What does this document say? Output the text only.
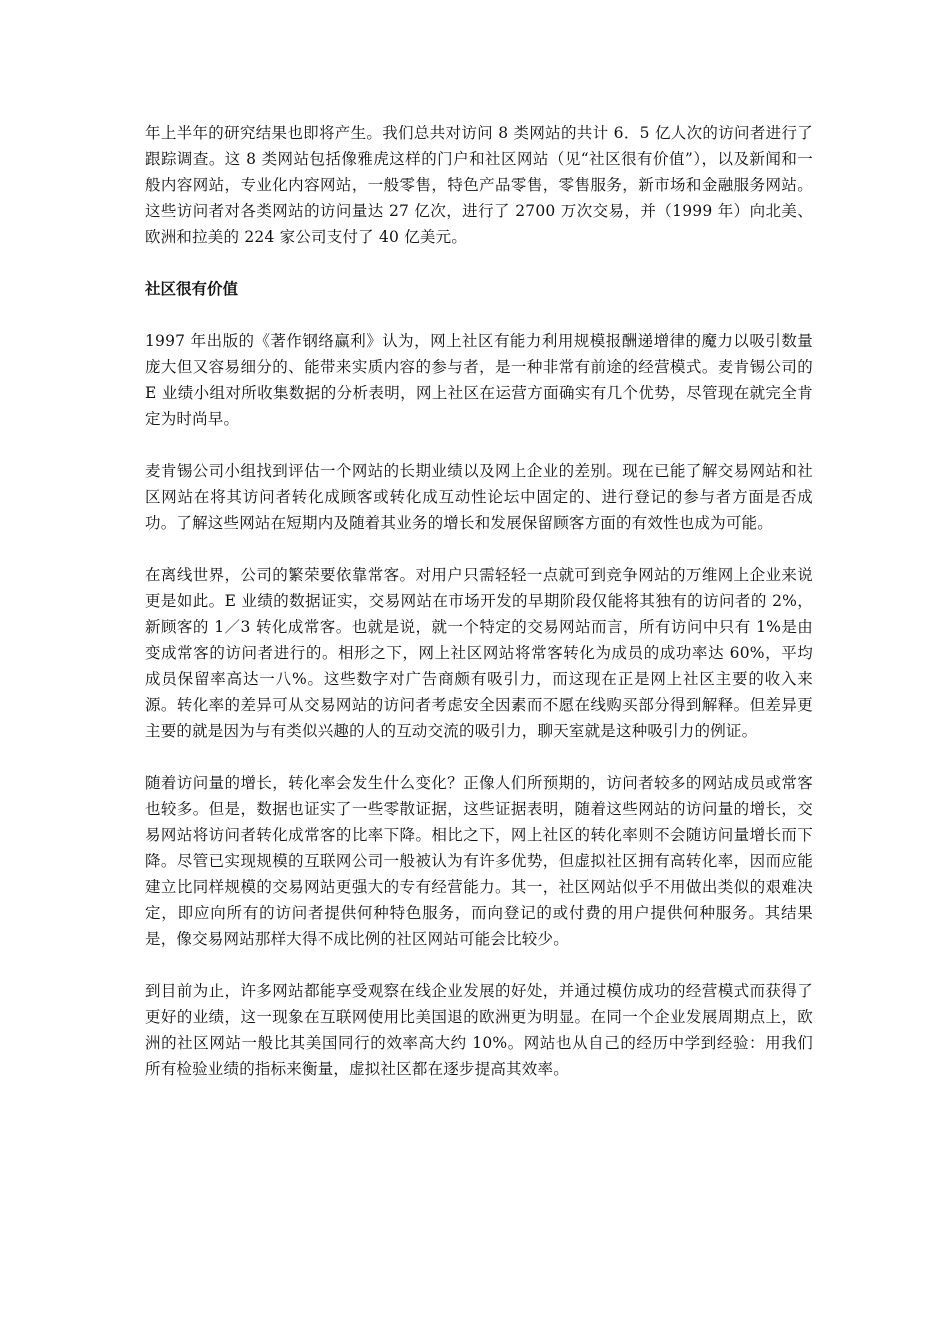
年上半年的研究结果也即将产生。我们总共对访问 8 类网站的共计 6．5 亿人次的访问者进行了跟踪调查。这 8 类网站包括像雅虎这样的门户和社区网站（见“社区很有价值”），以及新闻和一般内容网站，专业化内容网站，一般零售，特色产品零售，零售服务，新市场和金融服务网站。这些访问者对各类网站的访问量达 27 亿次，进行了 2700 万次交易，并（1999 年）向北美、欧洲和拉美的 224 家公司支付了 40 亿美元。

社区很有价值

1997 年出版的《著作钢络赢利》认为，网上社区有能力利用规模报酬递增律的魔力以吸引数量庞大但又容易细分的、能带来实质内容的参与者，是一种非常有前途的经营模式。麦肯锡公司的 E 业绩小组对所收集数据的分析表明，网上社区在运营方面确实有几个优势，尽管现在就完全肯定为时尚早。

麦肯锡公司小组找到评估一个网站的长期业绩以及网上企业的差别。现在已能了解交易网站和社区网站在将其访问者转化成顾客或转化成互动性论坛中固定的、进行登记的参与者方面是否成功。了解这些网站在短期内及随着其业务的增长和发展保留顾客方面的有效性也成为可能。

在离线世界，公司的繁荣要依靠常客。对用户只需轻轻一点就可到竞争网站的万维网上企业来说更是如此。E 业绩的数据证实，交易网站在市场开发的早期阶段仅能将其独有的访问者的 2%，新顾客的 1／3 转化成常客。也就是说，就一个特定的交易网站而言，所有访问中只有 1%是由变成常客的访问者进行的。相形之下，网上社区网站将常客转化为成员的成功率达 60%，平均成员保留率高达一八%。这些数字对广告商颇有吸引力，而这现在正是网上社区主要的收入来源。转化率的差异可从交易网站的访问者考虑安全因素而不愿在线购买部分得到解释。但差异更主要的就是因为与有类似兴趣的人的互动交流的吸引力，聊天室就是这种吸引力的例证。

随着访问量的增长，转化率会发生什么变化？正像人们所预期的，访问者较多的网站成员或常客也较多。但是，数据也证实了一些零散证据，这些证据表明，随着这些网站的访问量的增长，交易网站将访问者转化成常客的比率下降。相比之下，网上社区的转化率则不会随访问量增长而下降。尽管已实现规模的互联网公司一般被认为有许多优势，但虚拟社区拥有高转化率，因而应能建立比同样规模的交易网站更强大的专有经营能力。其一，社区网站似乎不用做出类似的艰难决定，即应向所有的访问者提供何种特色服务，而向登记的或付费的用户提供何种服务。其结果是，像交易网站那样大得不成比例的社区网站可能会比较少。

到目前为止，许多网站都能享受观察在线企业发展的好处，并通过模仿成功的经营模式而获得了更好的业绩，这一现象在互联网使用比美国退的欧洲更为明显。在同一个企业发展周期点上，欧洲的社区网站一般比其美国同行的效率高大约 10%。网站也从自己的经历中学到经验：用我们所有检验业绩的指标来衡量，虚拟社区都在逐步提高其效率。
